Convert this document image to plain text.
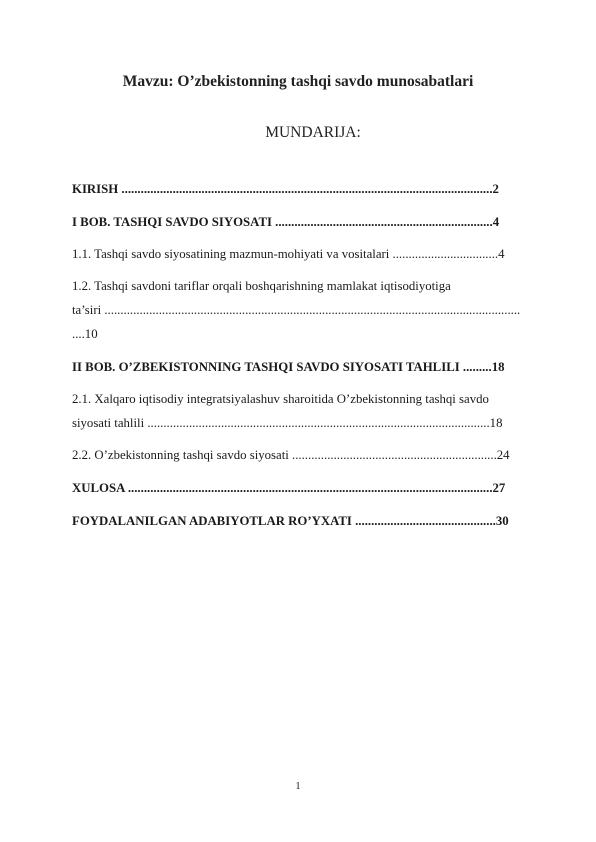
Mavzu: O’zbekistonning tashqi savdo munosabatlari
MUNDARIJA:
KIRISH ....................................................................................................................2
I BOB. TASHQI SAVDO SIYOSATI ....................................................................4
1.1. Tashqi savdo siyosatining mazmun-mohiyati va vositalari .................................4
1.2. Tashqi savdoni tariflar orqali boshqarishning mamlakat iqtisodiyotiga
ta’siri ..................................................................................................................................
....10
II BOB. O’ZBEKISTONNING TASHQI SAVDO SIYOSATI TAHLILI .........18
2.1. Xalqaro iqtisodiy integratsiyalashuv sharoitida O’zbekistonning tashqi savdo
siyosati tahlili ...........................................................................................................18
2.2. O’zbekistonning tashqi savdo siyosati ................................................................24
XULOSA ..................................................................................................................27
FOYDALANILGAN ADABIYOTLAR RO’YXATI ............................................30
1
